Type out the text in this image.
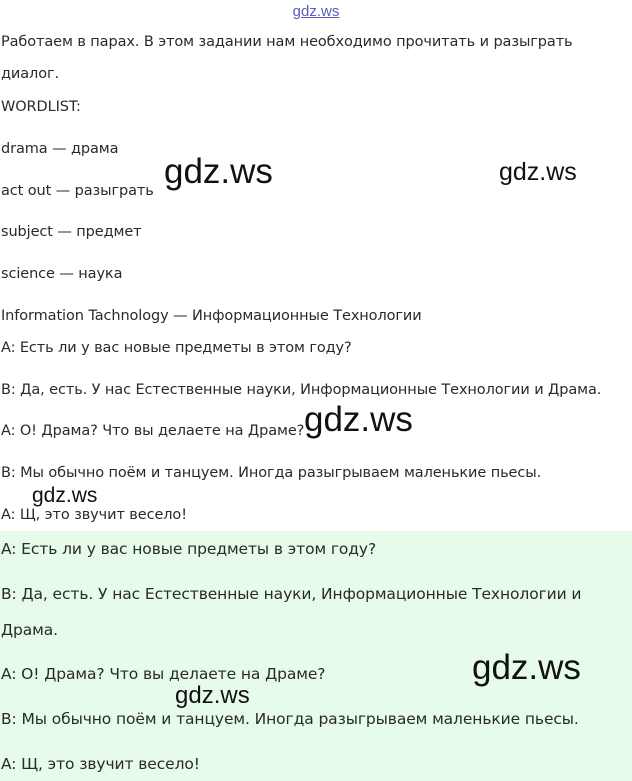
gdz.ws
Работаем в парах. В этом задании нам необходимо прочитать и разыграть
диалог.
WORDLIST:
drama — драма
act out — разыграть
subject — предмет
science — наука
Information Tachnology — Информационные Технологии
A: Есть ли у вас новые предметы в этом году?
B: Да, есть. У нас Естественные науки, Информационные Технологии и Драма.
A: О! Драма? Что вы делаете на Драме?
B: Мы обычно поём и танцуем. Иногда разыгрываем маленькие пьесы.
A: Щ, это звучит весело!
A: Есть ли у вас новые предметы в этом году?
B: Да, есть. У нас Естественные науки, Информационные Технологии и
Драма.
A: О! Драма? Что вы делаете на Драме?
B: Мы обычно поём и танцуем. Иногда разыгрываем маленькие пьесы.
A: Щ, это звучит весело!
gdz.ws	gdz.ws
gdz.ws
gdz.ws
gdz.ws
gdz.ws
